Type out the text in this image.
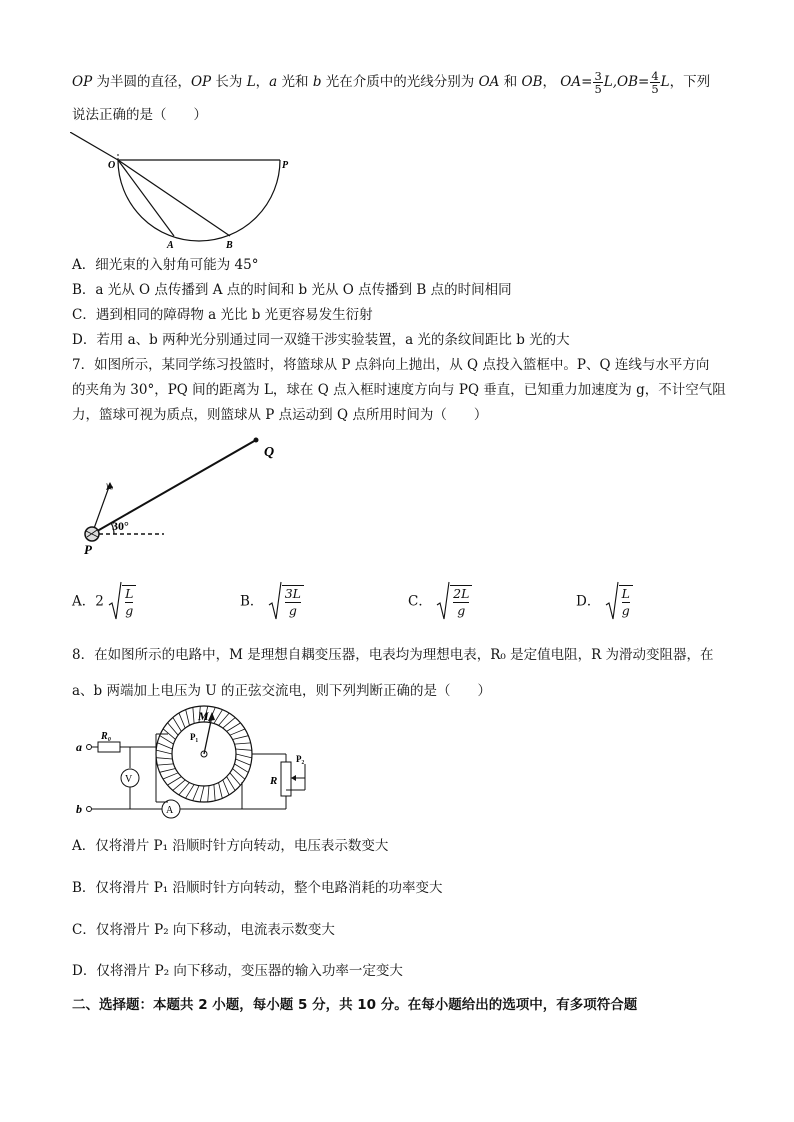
OP 为半圆的直径，OP 长为 L，a 光和 b 光在介质中的光线分别为 OA 和 OB， $OA= \frac{3}{5} L,OB= \frac{4}{5}$ L，下列
说法正确的是（　　）
O	P
A	B
A．细光束的入射角可能为 45°
B．a 光从 O 点传播到 A 点的时间和 b 光从 O 点传播到 B 点的时间相同
C．遇到相同的障碍物 a 光比 b 光更容易发生衍射
D．若用 a、b 两种光分别通过同一双缝干涉实验装置，a 光的条纹间距比 b 光的大
7．如图所示，某同学练习投篮时，将篮球从 P 点斜向上抛出，从 Q 点投入篮框中。P、Q 连线与水平方向
的夹角为 30°，PQ 间的距离为 L，球在 Q 点入框时速度方向与 PQ 垂直，已知重力加速度为 g，不计空气阻
力，篮球可视为质点，则篮球从 P 点运动到 Q 点所用时间为（　　）
Q
P
v₀
30°
A．$2 \frac{L}{g}$	B． $\frac{3L}{g}$	C． $\frac{2L}{g}$	D． $\frac{L}{g}$
8．在如图所示的电路中，M 是理想自耦变压器，电表均为理想电表，R₀ 是定值电阻，R 为滑动变阻器，在
a、b 两端加上电压为 U 的正弦交流电，则下列判断正确的是（　　）
a
b
R₀
V
A
M
P₁
P₂
R
A．仅将滑片 P₁ 沿顺时针方向转动，电压表示数变大
B．仅将滑片 P₁ 沿顺时针方向转动，整个电路消耗的功率变大
C．仅将滑片 P₂ 向下移动，电流表示数变大
D．仅将滑片 P₂ 向下移动，变压器的输入功率一定变大
二、选择题：本题共 2 小题，每小题 5 分，共 10 分。在每小题给出的选项中，有多项符合题
